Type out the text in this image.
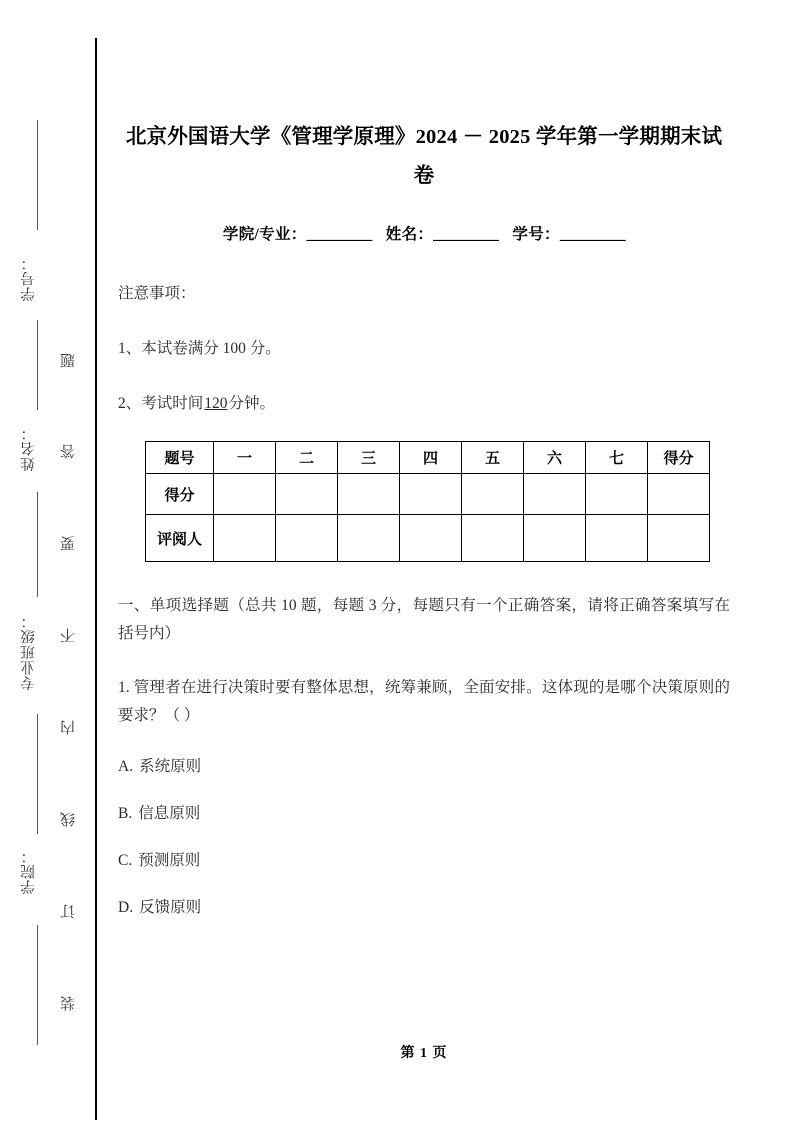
学号：
姓名：
专业班级：
学院：
题
答
要
不
内
线
订
装
北京外国语大学《管理学原理》2024 － 2025 学年第一学期期末试卷
学院/专业：_________ 姓名：_________ 学号：_________

注意事项：

1、本试卷满分 100 分。

2、考试时间120分钟。

题号	一	二	三	四	五	六	七	得分
得分								
评阅人								
一、单项选择题（总共 10 题，每题 3 分，每题只有一个正确答案，请将正确答案填写在括号内）
1. 管理者在进行决策时要有整体思想，统筹兼顾，全面安排。这体现的是哪个决策原则的要求？（ ）
A. 系统原则
B. 信息原则
C. 预测原则
D. 反馈原则
第 1 页
